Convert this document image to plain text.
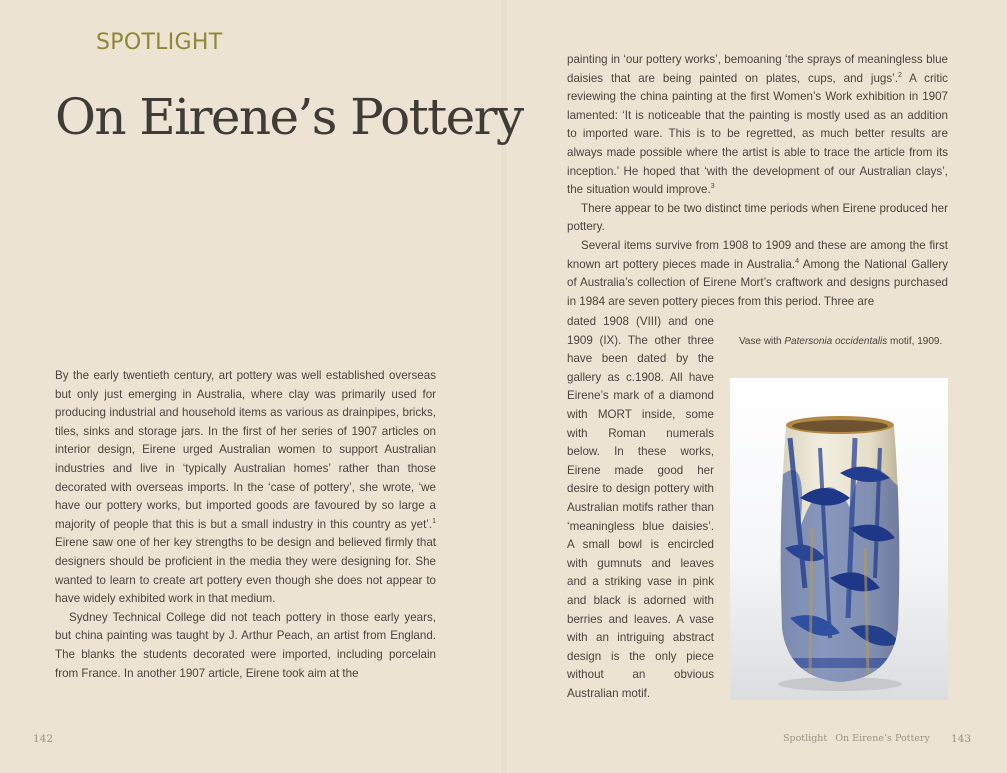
SPOTLIGHT
On Eirene’s Pottery

By the early twentieth century, art pottery was well established overseas but only just emerging in Australia, where clay was primarily used for producing industrial and household items as various as drainpipes, bricks, tiles, sinks and storage jars. In the first of her series of 1907 articles on interior design, Eirene urged Australian women to support Australian industries and live in ‘typically Australian homes’ rather than those decorated with overseas imports. In the ‘case of pottery’, she wrote, ‘we have our pottery works, but imported goods are favoured by so large a majority of people that this is but a small industry in this country as yet’.$^1$ Eirene saw one of her key strengths to be design and believed firmly that designers should be proficient in the media they were designing for. She wanted to learn to create art pottery even though she does not appear to have widely exhibited work in that medium.

Sydney Technical College did not teach pottery in those early years, but china painting was taught by J. Arthur Peach, an artist from England. The blanks the students decorated were imported, including porcelain from France. In another 1907 article, Eirene took aim at the

painting in ‘our pottery works’, bemoaning ‘the sprays of meaningless blue daisies that are being painted on plates, cups, and jugs’.$^2$ A critic reviewing the china painting at the first Women’s Work exhibition in 1907 lamented: ‘It is noticeable that the painting is mostly used as an addition to imported ware. This is to be regretted, as much better results are always made possible where the artist is able to trace the article from its inception.’ He hoped that ‘with the development of our Australian clays’, the situation would improve.$^3$

There appear to be two distinct time periods when Eirene produced her pottery.

Several items survive from 1908 to 1909 and these are among the first known art pottery pieces made in Australia.$^4$ Among the National Gallery of Australia’s collection of Eirene Mort’s craftwork and designs purchased in 1984 are seven pottery pieces from this period. Three are

dated 1908 (VIII) and one 1909 (IX). The other three have been dated by the gallery as c.1908. All have Eirene’s mark of a diamond with MORT inside, some with Roman numerals below. In these works, Eirene made good her desire to design pottery with Australian motifs rather than ‘meaningless blue daisies’. A small bowl is encircled with gumnuts and leaves and a striking vase in pink and black is adorned with berries and leaves. A vase with an intriguing abstract design is the only piece without an obvious Australian motif.

Vase with Patersonia occidentalis motif, 1909.
142	Spotlight On Eirene’s Pottery 143
